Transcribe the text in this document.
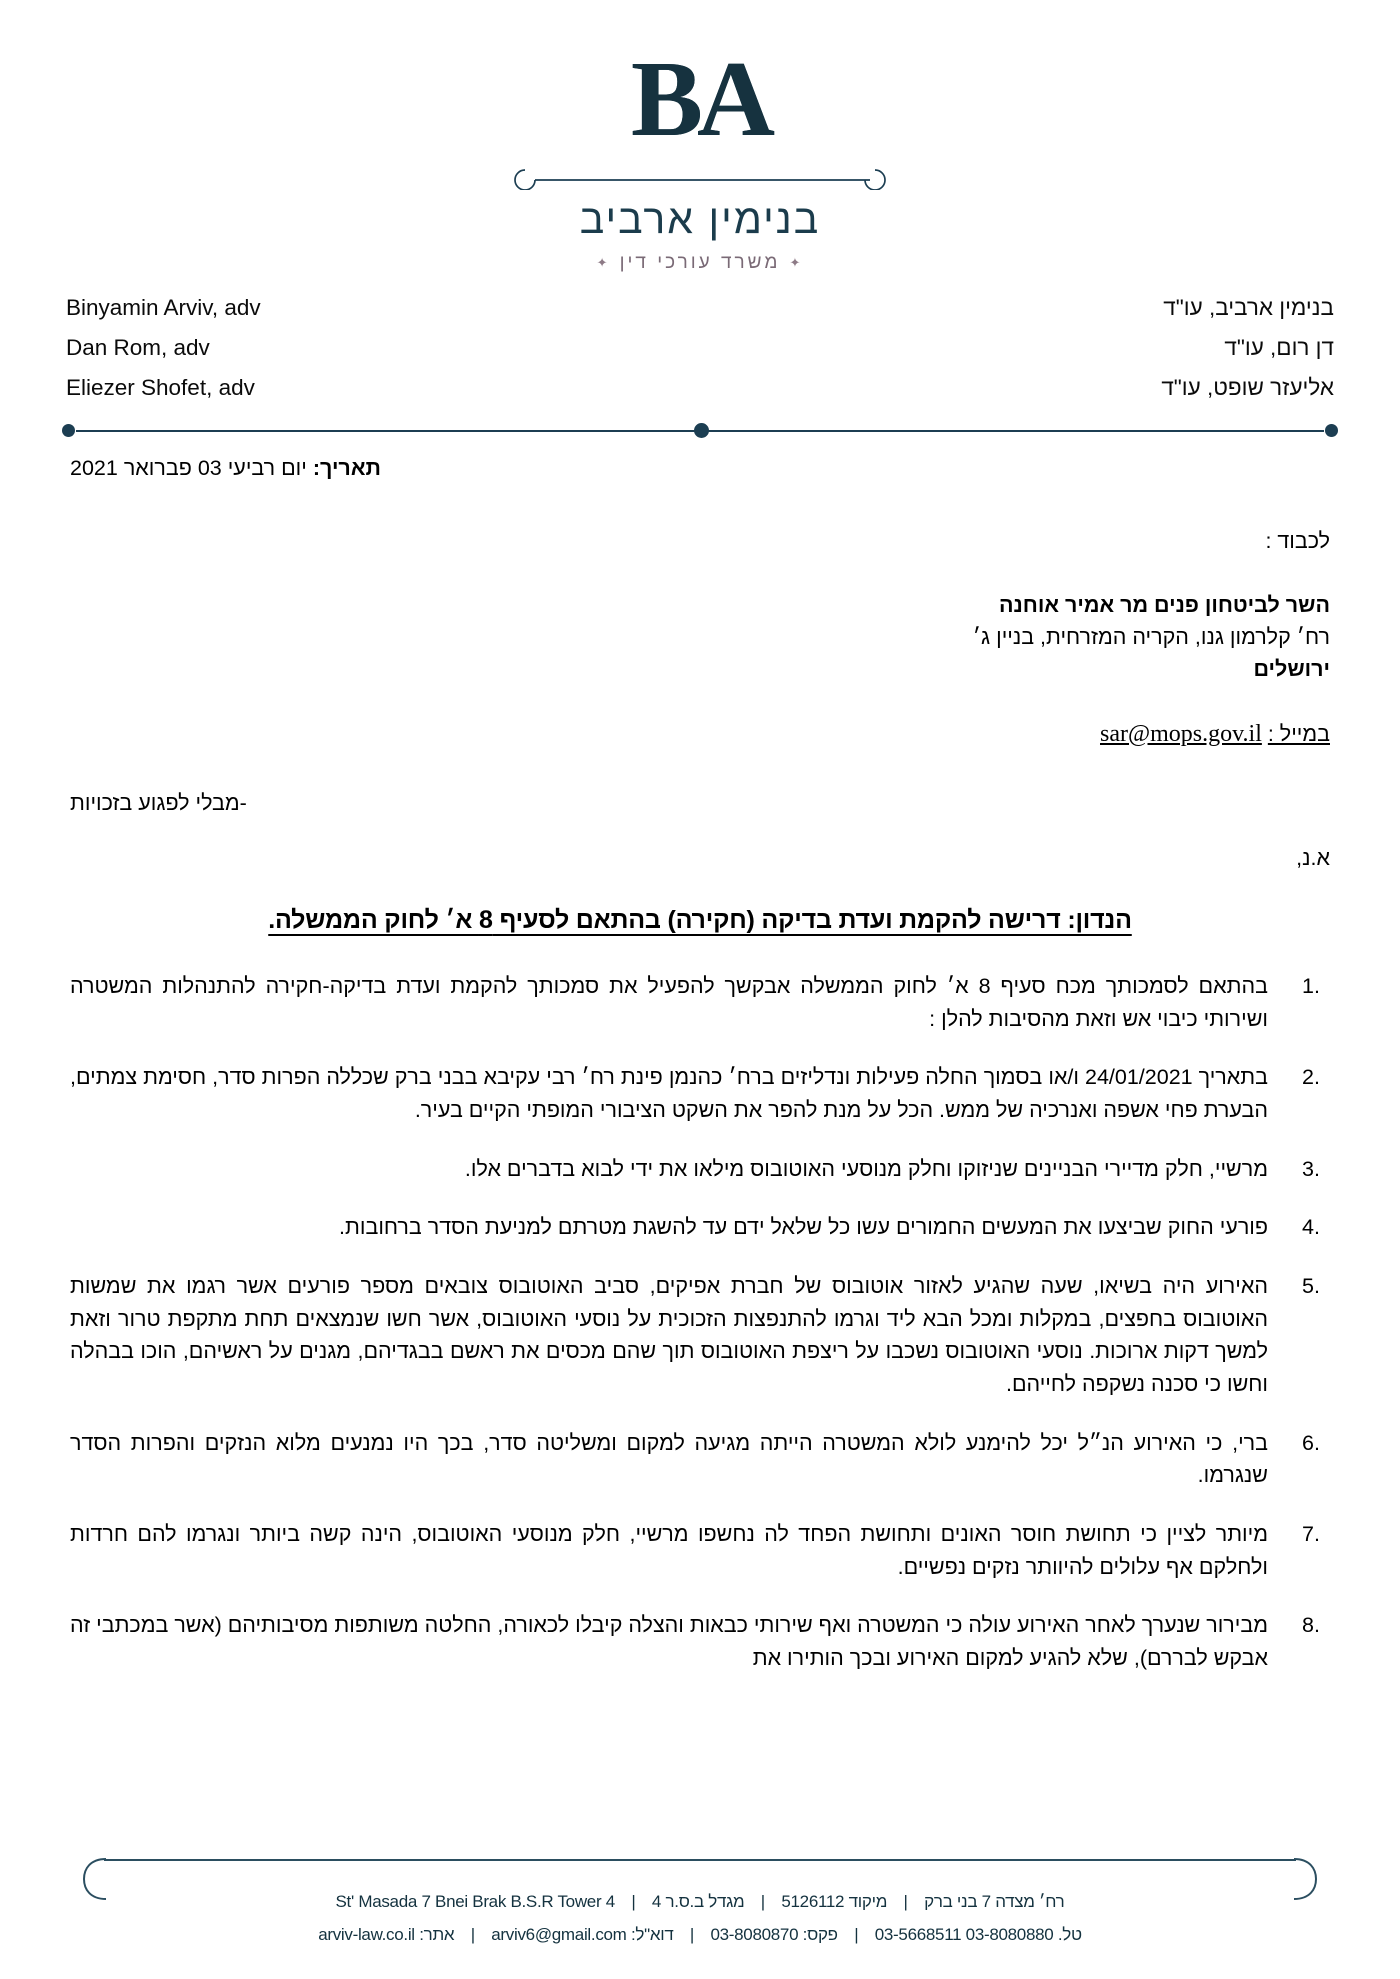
BA
בנימין ארביב
✦משרד עורכי דין✦
Binyamin Arviv, adv
Dan Rom, adv
Eliezer Shofet, adv
בנימין ארביב, עו"ד
דן רום, עו"ד
אליעזר שופט, עו"ד
תאריך: יום רביעי 03 פברואר 2021
לכבוד :
השר לביטחון פנים מר אמיר אוחנה
רח׳ קלרמון גנו, הקריה המזרחית, בניין ג׳
ירושלים
במייל : sar@mops.gov.il
-מבלי לפגוע בזכויות
א.נ,
הנדון: דרישה להקמת ועדת בדיקה (חקירה) בהתאם לסעיף 8 א׳ לחוק הממשלה.
בהתאם לסמכותך מכח סעיף 8 א׳ לחוק הממשלה אבקשך להפעיל את סמכותך להקמת ועדת בדיקה-חקירה להתנהלות המשטרה ושירותי כיבוי אש וזאת מהסיבות להלן :
בתאריך 24/01/2021 ו/או בסמוך החלה פעילות ונדליזים ברח׳ כהנמן פינת רח׳ רבי עקיבא בבני ברק שכללה הפרות סדר, חסימת צמתים, הבערת פחי אשפה ואנרכיה של ממש. הכל על מנת להפר את השקט הציבורי המופתי הקיים בעיר.
מרשיי, חלק מדיירי הבניינים שניזוקו וחלק מנוסעי האוטובוס מילאו את ידי לבוא בדברים אלו.
פורעי החוק שביצעו את המעשים החמורים עשו כל שלאל ידם עד להשגת מטרתם למניעת הסדר ברחובות.
האירוע היה בשיאו, שעה שהגיע לאזור אוטובוס של חברת אפיקים, סביב האוטובוס צובאים מספר פורעים אשר רגמו את שמשות האוטובוס בחפצים, במקלות ומכל הבא ליד וגרמו להתנפצות הזכוכית על נוסעי האוטובוס, אשר חשו שנמצאים תחת מתקפת טרור וזאת למשך דקות ארוכות. נוסעי האוטובוס נשכבו על ריצפת האוטובוס תוך שהם מכסים את ראשם בבגדיהם, מגנים על ראשיהם, הוכו בבהלה וחשו כי סכנה נשקפה לחייהם.
ברי, כי האירוע הנ״ל יכל להימנע לולא המשטרה הייתה מגיעה למקום ומשליטה סדר, בכך היו נמנעים מלוא הנזקים והפרות הסדר שנגרמו.
מיותר לציין כי תחושת חוסר האונים ותחושת הפחד לה נחשפו מרשיי, חלק מנוסעי האוטובוס, הינה קשה ביותר ונגרמו להם חרדות ולחלקם אף עלולים להיוותר נזקים נפשיים.
מבירור שנערך לאחר האירוע עולה כי המשטרה ואף שירותי כבאות והצלה קיבלו לכאורה, החלטה משותפות מסיבותיהם (אשר במכתבי זה אבקש לבררם), שלא להגיע למקום האירוע ובכך הותירו את
רח׳ מצדה 7 בני ברק | מיקוד 5126112 | מגדל ב.ס.ר 4 | St' Masada 7 Bnei Brak B.S.R Tower 4
טל. 03-5668511 03-8080880 | פקס: 03-8080870 | דוא"ל: arviv6@gmail.com | אתר: arviv-law.co.il
